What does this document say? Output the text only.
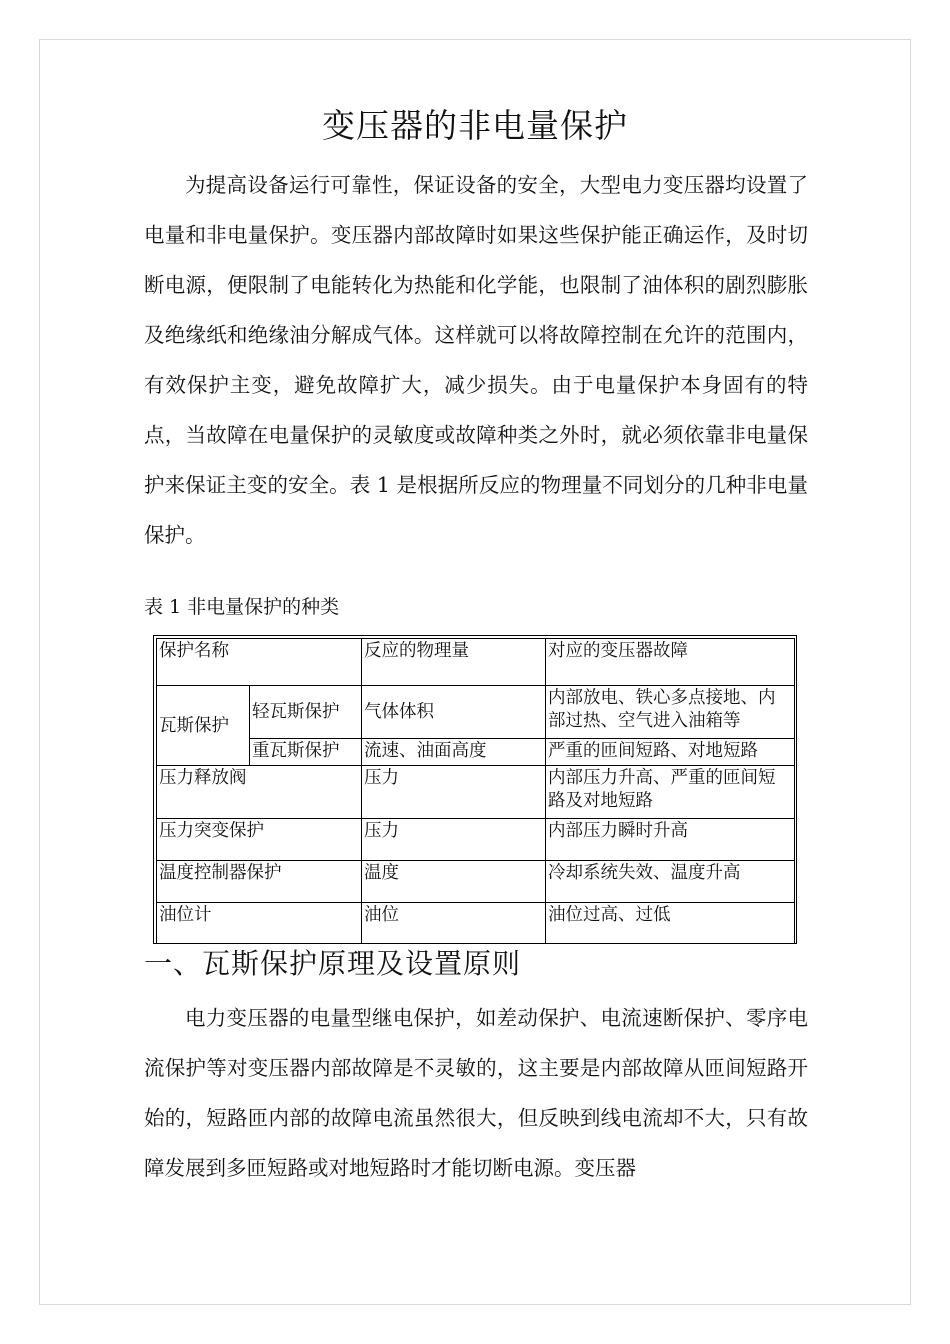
变压器的非电量保护

为提高设备运行可靠性，保证设备的安全，大型电力变压器均设置了电量和非电量保护。变压器内部故障时如果这些保护能正确运作，及时切断电源，便限制了电能转化为热能和化学能，也限制了油体积的剧烈膨胀及绝缘纸和绝缘油分解成气体。这样就可以将故障控制在允许的范围内，有效保护主变，避免故障扩大，减少损失。由于电量保护本身固有的特点，当故障在电量保护的灵敏度或故障种类之外时，就必须依靠非电量保护来保证主变的安全。表 1 是根据所反应的物理量不同划分的几种非电量保护。

表 1 非电量保护的种类

保护名称		反应的物理量	对应的变压器故障
瓦斯保护	轻瓦斯保护	气体体积	内部放电、铁心多点接地、内部过热、空气进入油箱等
	重瓦斯保护	流速、油面高度	严重的匝间短路、对地短路
压力释放阀		压力	内部压力升高、严重的匝间短路及对地短路
压力突变保护		压力	内部压力瞬时升高
温度控制器保护		温度	冷却系统失效、温度升高
油位计		油位	油位过高、过低
一、瓦斯保护原理及设置原则

电力变压器的电量型继电保护，如差动保护、电流速断保护、零序电流保护等对变压器内部故障是不灵敏的，这主要是内部故障从匝间短路开始的，短路匝内部的故障电流虽然很大，但反映到线电流却不大，只有故障发展到多匝短路或对地短路时才能切断电源。变压器
